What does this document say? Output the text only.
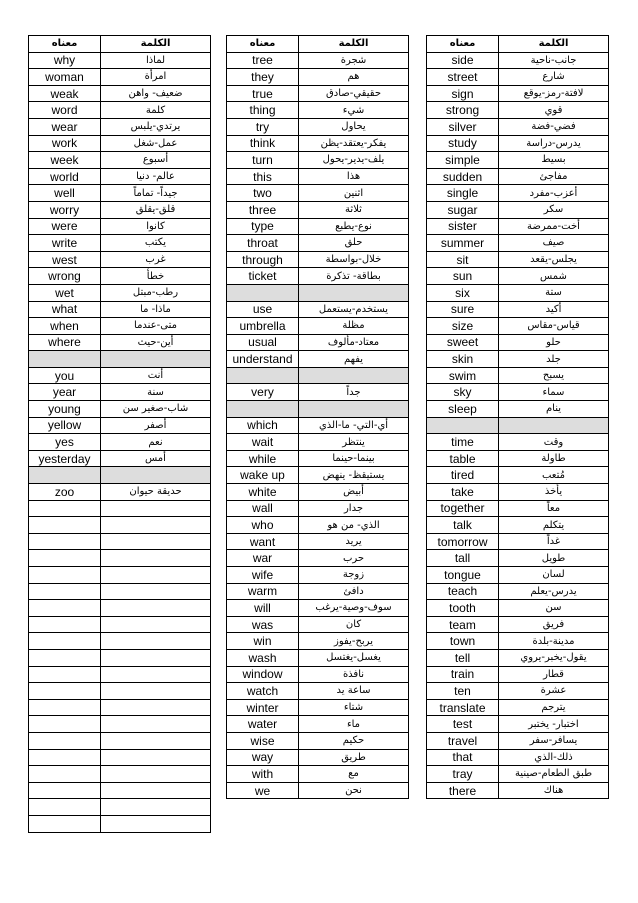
معناه	الكلمة
why	لماذا
woman	امرأة
weak	ضعيف- واهن
word	كلمة
wear	يرتدي-يلبس
work	عمل-شغل
week	أسبوع
world	عالم- دنيا
well	جيداً- تماماً
worry	قلق-يقلق
were	كانوا
write	يكتب
west	غرب
wrong	خطأ
wet	رطب-مبتل
what	ماذا- ما
when	متى-عندما
where	أين-حيث

you	أنت
year	سنة
young	شاب-صغير سن
yellow	أصفر
yes	نعم
yesterday	أمس

zoo	حديقة حيوان

معناه	الكلمة
tree	شجرة
they	هم
true	حقيقي-صادق
thing	شيء
try	يحاول
think	يفكر-يعتقد-يظن
turn	يلف-يدير-يحول
this	هذا
two	اثنين
three	ثلاثة
type	نوع-يطبع
throat	حلق
through	خلال-بواسطة
ticket	بطاقة- تذكرة

use	يستخدم-يستعمل
umbrella	مظلة
usual	معتاد-مألوف
understand	يفهم

very	جداً

which	أي-التي- ما-الذي
wait	ينتظر
while	بينما-حينما
wake up	يستيقظ- ينهض
white	أبيض
wall	جدار
who	الذي- من هو
want	يريد
war	حرب
wife	زوجة
warm	دافئ
will	سوف-وصية-يرغب
was	كان
win	يربح-يفوز
wash	يغسل-يغتسل
window	نافذة
watch	ساعة يد
winter	شتاء
water	ماء
wise	حكيم
way	طريق
with	مع
we	نحن
معناه	الكلمة
side	جانب-ناحية
street	شارع
sign	لافتة-رمز-يوقع
strong	قوي
silver	فضي-فضة
study	يدرس-دراسة
simple	بسيط
sudden	مفاجئ
single	أعزب-مفرد
sugar	سكر
sister	أخت-ممرضة
summer	صيف
sit	يجلس-يقعد
sun	شمس
six	ستة
sure	أكيد
size	قياس-مقاس
sweet	حلو
skin	جلد
swim	يسبح
sky	سماء
sleep	ينام

time	وقت
table	طاولة
tired	مُتعب
take	يأخذ
together	معاً
talk	يتكلم
tomorrow	غداً
tall	طويل
tongue	لسان
teach	يدرس-يعلم
tooth	سن
team	فريق
town	مدينة-بلدة
tell	يقول-يخبر-يروي
train	قطار
ten	عشرة
translate	يترجم
test	اختبار- يختبر
travel	يسافر-سفر
that	ذلك-الذي
tray	طبق الطعام-صينية
there	هناك
